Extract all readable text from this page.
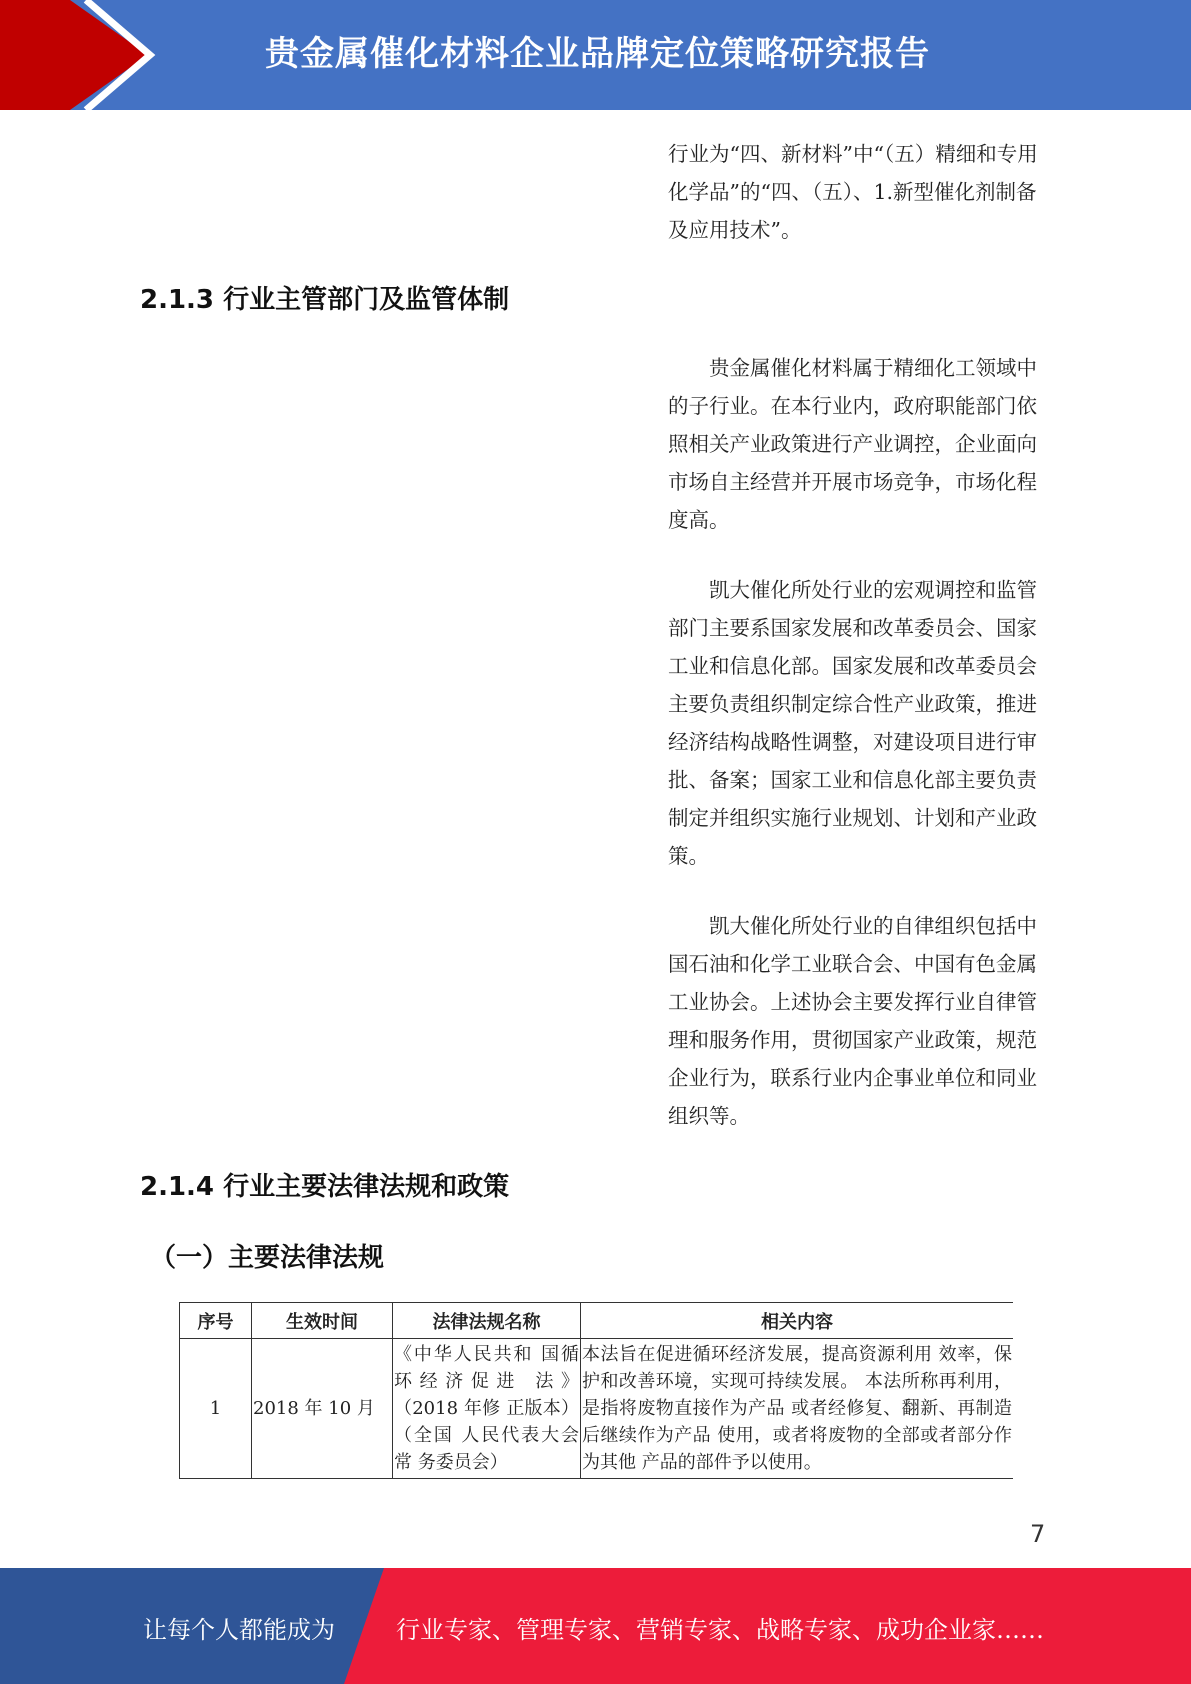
贵金属催化材料企业品牌定位策略研究报告

行业为“四、新材料”中“（五）精细和专用化学品”的“四、（五）、1.新型催化剂制备及应用技术”。

2.1.3 行业主管部门及监管体制

贵金属催化材料属于精细化工领域中的子行业。在本行业内，政府职能部门依照相关产业政策进行产业调控，企业面向市场自主经营并开展市场竞争，市场化程度高。

凯大催化所处行业的宏观调控和监管部门主要系国家发展和改革委员会、国家工业和信息化部。国家发展和改革委员会主要负责组织制定综合性产业政策，推进经济结构战略性调整，对建设项目进行审批、备案；国家工业和信息化部主要负责制定并组织实施行业规划、计划和产业政策。

凯大催化所处行业的自律组织包括中国石油和化学工业联合会、中国有色金属工业协会。上述协会主要发挥行业自律管理和服务作用，贯彻国家产业政策，规范企业行为，联系行业内企事业单位和同业组织等。

2.1.4 行业主要法律法规和政策
（一）主要法律法规
序号	生效时间	法律法规名称	相关内容
1	2018 年 10 月	《中华人民共和 国循环经济促进 法》（2018 年修 正版本）（全国 人民代表大会常 务委员会）	本法旨在促进循环经济发展，提高资源利用 效率，保护和改善环境，实现可持续发展。 本法所称再利用，是指将废物直接作为产品 或者经修复、翻新、再制造后继续作为产品 使用，或者将废物的全部或者部分作为其他 产品的部件予以使用。
7
让每个人都能成为	行业专家、管理专家、营销专家、战略专家、成功企业家……
